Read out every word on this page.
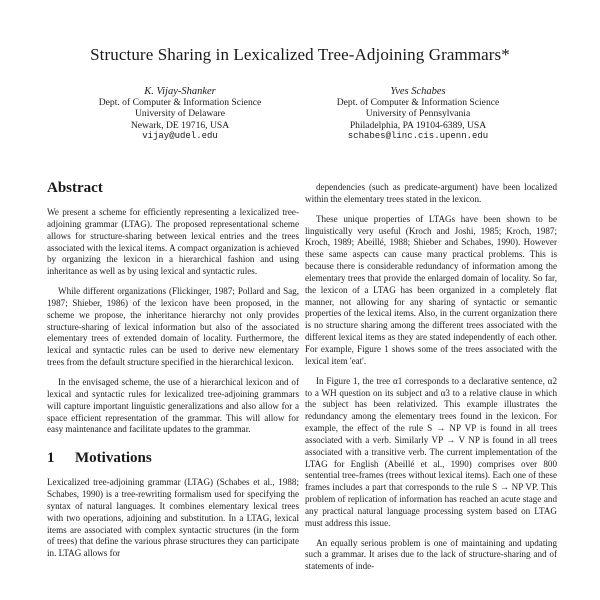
Structure Sharing in Lexicalized Tree-Adjoining Grammars*
K. Vijay-Shanker
Dept. of Computer & Information Science
University of Delaware
Newark, DE 19716, USA
vijay@udel.edu
Yves Schabes
Dept. of Computer & Information Science
University of Pennsylvania
Philadelphia, PA 19104-6389, USA
schabes@linc.cis.upenn.edu
Abstract

We present a scheme for efficiently representing a lexicalized tree-adjoining grammar (LTAG). The proposed representational scheme allows for structure-sharing between lexical entries and the trees associated with the lexical items. A compact organization is achieved by organizing the lexicon in a hierarchical fashion and using inheritance as well as by using lexical and syntactic rules.

While different organizations (Flickinger, 1987; Pollard and Sag, 1987; Shieber, 1986) of the lexicon have been proposed, in the scheme we propose, the inheritance hierarchy not only provides structure-sharing of lexical information but also of the associated elementary trees of extended domain of locality. Furthermore, the lexical and syntactic rules can be used to derive new elementary trees from the default structure specified in the hierarchical lexicon.

In the envisaged scheme, the use of a hierarchical lexicon and of lexical and syntactic rules for lexicalized tree-adjoining grammars will capture important linguistic generalizations and also allow for a space efficient representation of the grammar. This will allow for easy maintenance and facilitate updates to the grammar.

1 Motivations

Lexicalized tree-adjoining grammar (LTAG) (Schabes et al., 1988; Schabes, 1990) is a tree-rewriting formalism used for specifying the syntax of natural languages. It combines elementary lexical trees with two operations, adjoining and substitution. In a LTAG, lexical items are associated with complex syntactic structures (in the form of trees) that define the various phrase structures they can participate in. LTAG allows for

dependencies (such as predicate-argument) have been localized within the elementary trees stated in the lexicon.

These unique properties of LTAGs have been shown to be linguistically very useful (Kroch and Joshi, 1985; Kroch, 1987; Kroch, 1989; Abeillé, 1988; Shieber and Schabes, 1990). However these same aspects can cause many practical problems. This is because there is considerable redundancy of information among the elementary trees that provide the enlarged domain of locality. So far, the lexicon of a LTAG has been organized in a completely flat manner, not allowing for any sharing of syntactic or semantic properties of the lexical items. Also, in the current organization there is no structure sharing among the different trees associated with the different lexical items as they are stated independently of each other. For example, Figure 1 shows some of the trees associated with the lexical item 'eat'.

In Figure 1, the tree α1 corresponds to a declarative sentence, α2 to a WH question on its subject and α3 to a relative clause in which the subject has been relativized. This example illustrates the redundancy among the elementary trees found in the lexicon. For example, the effect of the rule S → NP VP is found in all trees associated with a verb. Similarly VP → V NP is found in all trees associated with a transitive verb. The current implementation of the LTAG for English (Abeillé et al., 1990) comprises over 800 sentential tree-frames (trees without lexical items). Each one of these frames includes a part that corresponds to the rule S → NP VP. This problem of replication of information has reached an acute stage and any practical natural language processing system based on LTAG must address this issue.

An equally serious problem is one of maintaining and updating such a grammar. It arises due to the lack of structure-sharing and of statements of inde-
